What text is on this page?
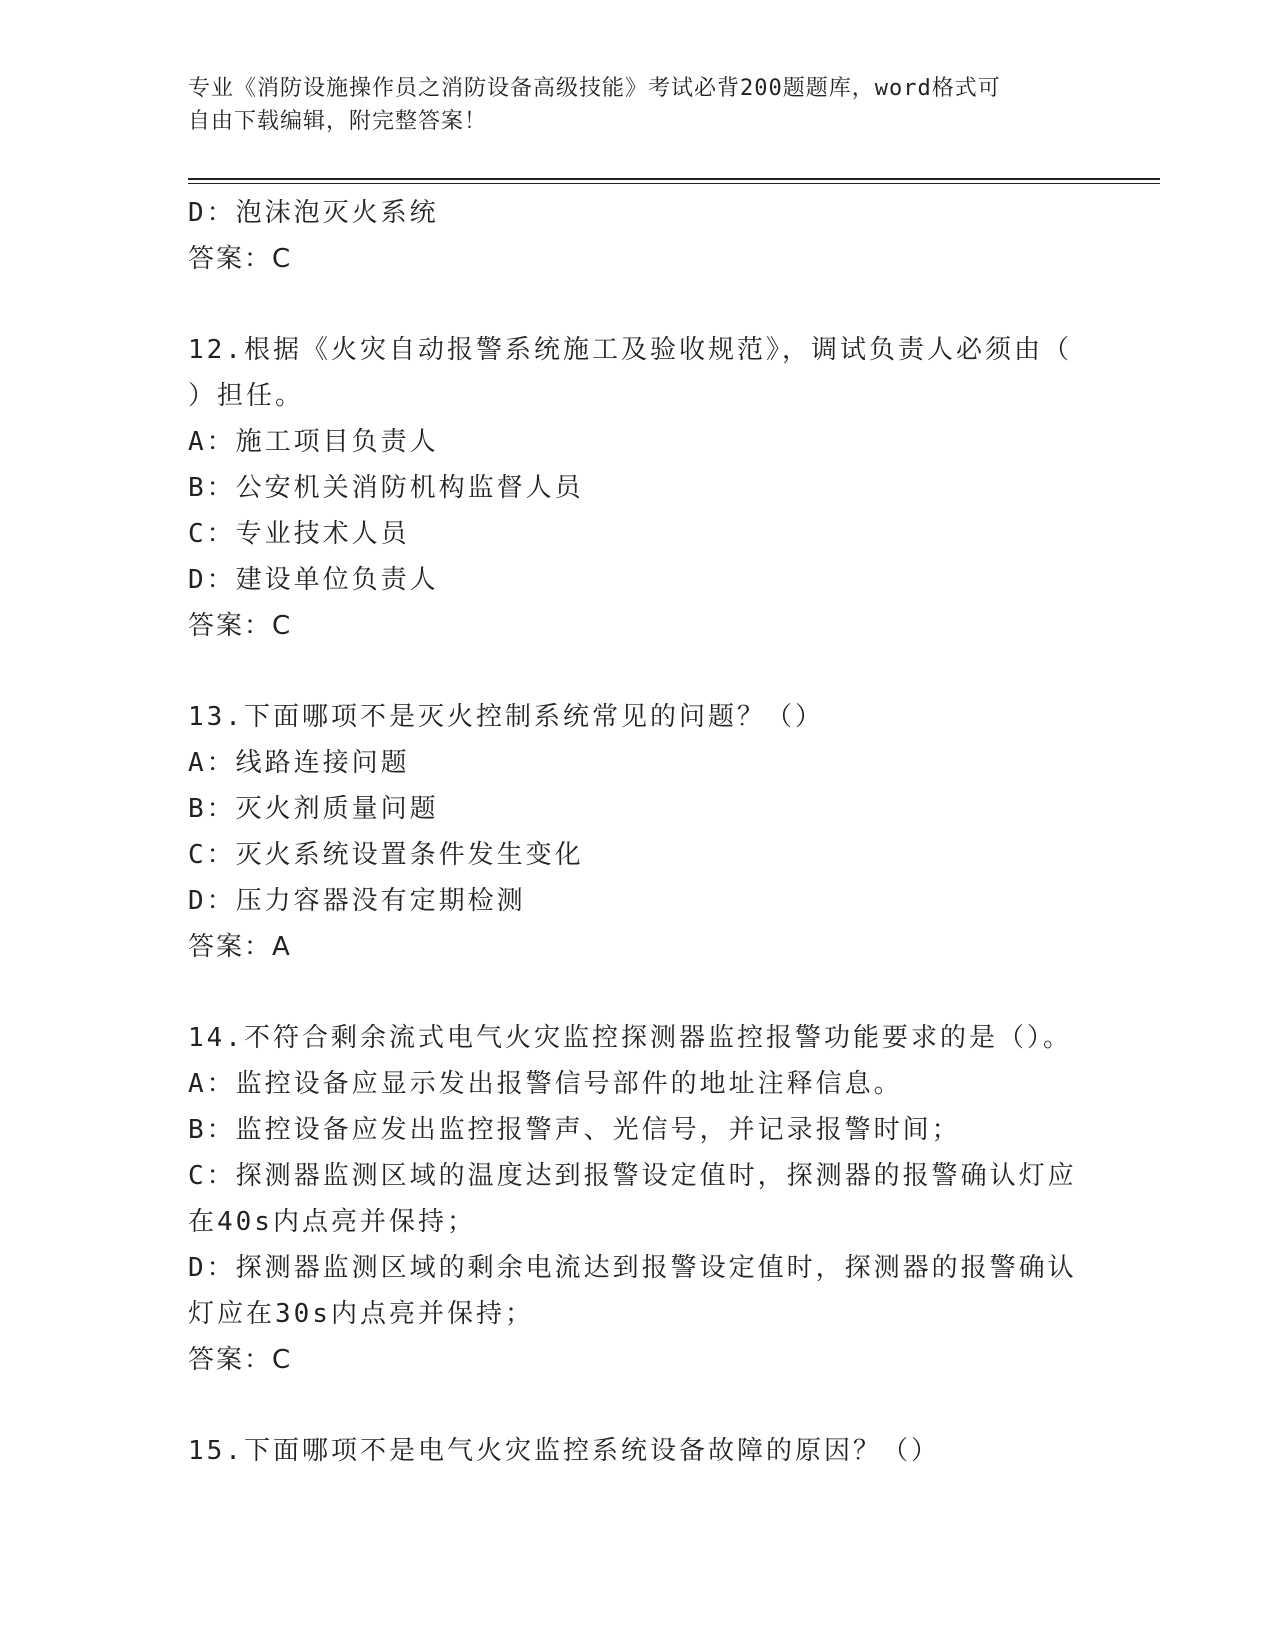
专业《消防设施操作员之消防设备高级技能》考试必背200题题库，word格式可
自由下载编辑，附完整答案！
D：泡沫泡灭火系统
答案：C
12.根据《火灾自动报警系统施工及验收规范》，调试负责人必须由（
）担任。
A：施工项目负责人
B：公安机关消防机构监督人员
C：专业技术人员
D：建设单位负责人
答案：C
13.下面哪项不是灭火控制系统常见的问题？（）
A：线路连接问题
B：灭火剂质量问题
C：灭火系统设置条件发生变化
D：压力容器没有定期检测
答案：A
14.不符合剩余流式电气火灾监控探测器监控报警功能要求的是（）。
A：监控设备应显示发出报警信号部件的地址注释信息。
B：监控设备应发出监控报警声、光信号，并记录报警时间；
C：探测器监测区域的温度达到报警设定值时，探测器的报警确认灯应
在40s内点亮并保持；
D：探测器监测区域的剩余电流达到报警设定值时，探测器的报警确认
灯应在30s内点亮并保持；
答案：C
15.下面哪项不是电气火灾监控系统设备故障的原因？（）
